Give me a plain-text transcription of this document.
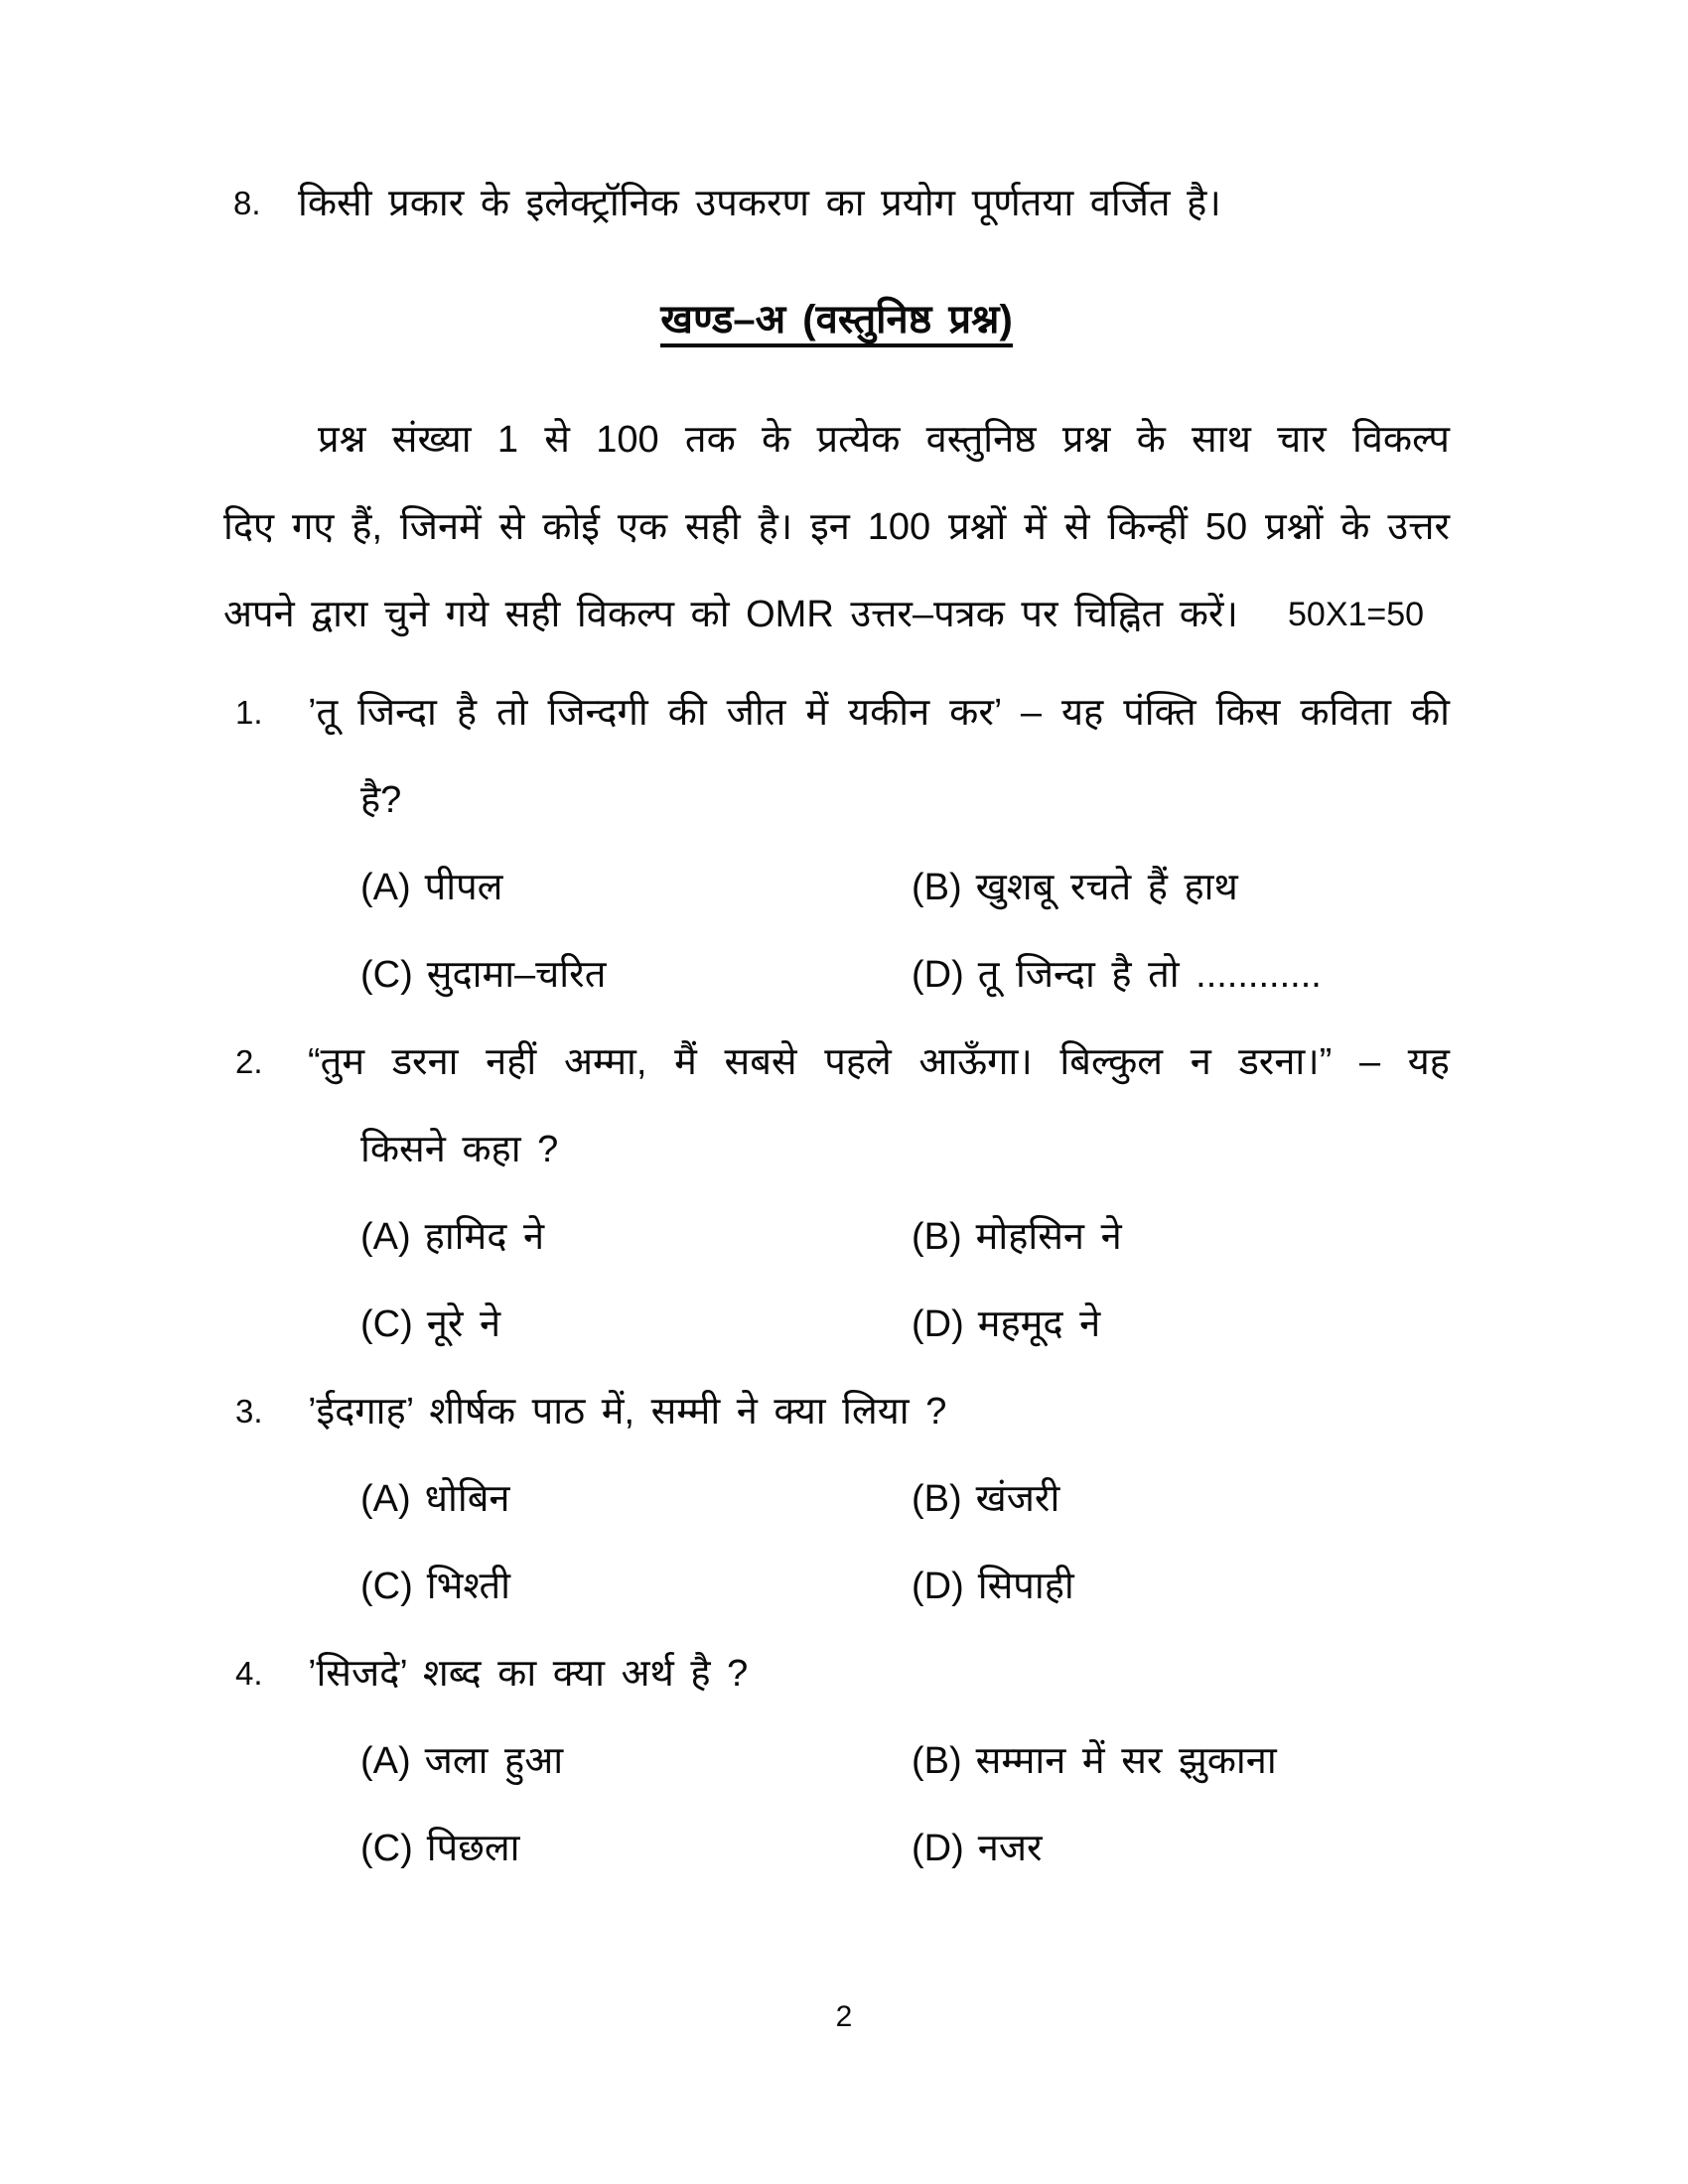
8. किसी प्रकार के इलेक्ट्रॉनिक उपकरण का प्रयोग पूर्णतया वर्जित है।
खण्ड–अ (वस्तुनिष्ठ प्रश्न)
प्रश्न संख्या 1 से 100 तक के प्रत्येक वस्तुनिष्ठ प्रश्न के साथ चार विकल्प
दिए गए हैं, जिनमें से कोई एक सही है। इन 100 प्रश्नों में से किन्हीं 50 प्रश्नों के उत्तर
अपने द्वारा चुने गये सही विकल्प को OMR उत्तर–पत्रक पर चिह्नित करें। 50X1=50
1.	’तू जिन्दा है तो जिन्दगी की जीत में यकीन कर’ – यह पंक्ति किस कविता की
है?
(A) पीपल	(B) खुशबू रचते हैं हाथ
(C) सुदामा–चरित	(D) तू जिन्दा है तो ............
2.	“तुम डरना नहीं अम्मा, मैं सबसे पहले आऊँगा। बिल्कुल न डरना।” – यह
किसने कहा ?
(A) हामिद ने	(B) मोहसिन ने
(C) नूरे ने	(D) महमूद ने
3.	’ईदगाह’ शीर्षक पाठ में, सम्मी ने क्या लिया ?
(A) धोबिन	(B) खंजरी
(C) भिश्ती	(D) सिपाही
4.	’सिजदे’ शब्द का क्या अर्थ है ?
(A) जला हुआ	(B) सम्मान में सर झुकाना
(C) पिछला	(D) नजर
2
